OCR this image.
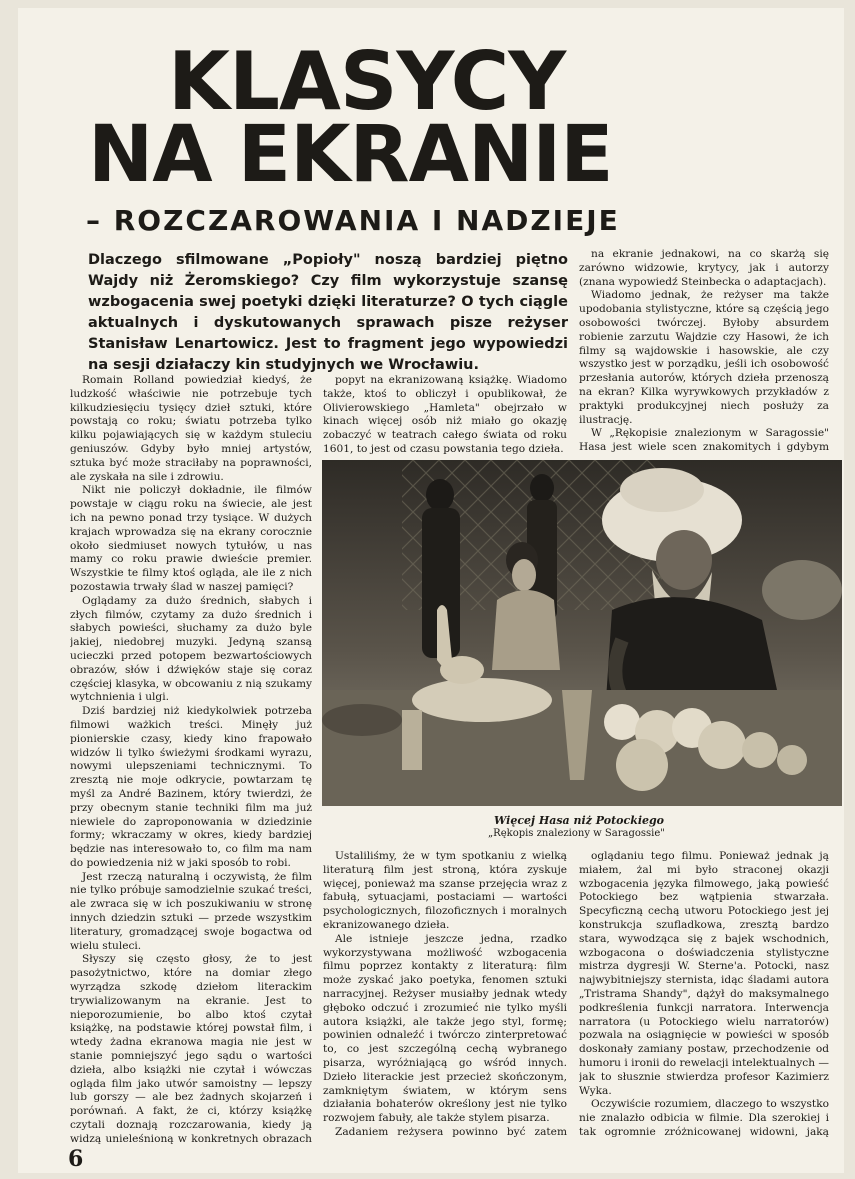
KLASYCY
NA EKRANIE
– ROZCZAROWANIA I NADZIEJE

Dlaczego sfilmowane „Popioły" noszą bardziej piętno Wajdy niż Żeromskiego? Czy film wykorzystuje szansę wzbogacenia swej poetyki dzięki literaturze? O tych ciągle aktualnych i dyskutowanych sprawach pisze reżyser Stanisław Lenartowicz. Jest to fragment jego wypowiedzi na sesji działaczy kin studyjnych we Wrocławiu.

Romain Rolland powiedział kiedyś, że ludzkość właściwie nie potrzebuje tych kilkudziesięciu tysięcy dzieł sztuki, które powstają co roku; światu potrzeba tylko kilku pojawiających się w każdym stuleciu geniuszów. Gdyby było mniej artystów, sztuka być może straciłaby na poprawności, ale zyskała na sile i zdrowiu.

Nikt nie policzył dokładnie, ile filmów powstaje w ciągu roku na świecie, ale jest ich na pewno ponad trzy tysiące. W dużych krajach wprowadza się na ekrany corocznie około siedmiuset nowych tytułów, u nas mamy co roku prawie dwieście premier. Wszystkie te filmy ktoś ogląda, ale ile z nich pozostawia trwały ślad w naszej pamięci?

Oglądamy za dużo średnich, słabych i złych filmów, czytamy za dużo średnich i słabych powieści, słuchamy za dużo byle jakiej, niedobrej muzyki. Jedyną szansą ucieczki przed potopem bezwartościowych obrazów, słów i dźwięków staje się coraz częściej klasyka, w obcowaniu z nią szukamy wytchnienia i ulgi.

Dziś bardziej niż kiedykolwiek potrzeba filmowi ważkich treści. Minęły już pionierskie czasy, kiedy kino frapowało widzów li tylko świeżymi środkami wyrazu, nowymi ulepszeniami technicznymi. To zresztą nie moje odkrycie, powtarzam tę myśl za André Bazinem, który twierdzi, że przy obecnym stanie techniki film ma już niewiele do zaproponowania w dziedzinie formy; wkraczamy w okres, kiedy bardziej będzie nas interesowało to, co film ma nam do powiedzenia niż w jaki sposób to robi.

Jest rzeczą naturalną i oczywistą, że film nie tylko próbuje samodzielnie szukać treści, ale zwraca się w ich poszukiwaniu w stronę innych dziedzin sztuki — przede wszystkim literatury, gromadzącej swoje bogactwa od wielu stuleci.

Słyszy się często głosy, że to jest pasożytnictwo, które na domiar złego wyrządza szkodę dziełom literackim trywializowanym na ekranie. Jest to nieporozumienie, bo albo ktoś czytał książkę, na podstawie której powstał film, i wtedy żadna ekranowa magia nie jest w stanie pomniejszyć jego sądu o wartości dzieła, albo książki nie czytał i wówczas ogląda film jako utwór samoistny — lepszy lub gorszy — ale bez żadnych skojarzeń i porównań. A fakt, że ci, którzy książkę czytali doznają rozczarowania, kiedy ją widzą unieleśnioną w konkretnych obrazach

popyt na ekranizowaną książkę. Wiadomo także, ktoś to obliczył i opublikował, że Olivierowskiego „Hamleta" obejrzało w kinach więcej osób niż miało go okazję zobaczyć w teatrach całego świata od roku 1601, to jest od czasu powstania tego dzieła.

na ekranie jednakowi, na co skarżą się zarówno widzowie, krytycy, jak i autorzy (znana wypowiedź Steinbecka o adaptacjach).

Wiadomo jednak, że reżyser ma także upodobania stylistyczne, które są częścią jego osobowości twórczej. Byłoby absurdem robienie zarzutu Wajdzie czy Hasowi, że ich filmy są wajdowskie i hasowskie, ale czy wszystko jest w porządku, jeśli ich osobowość przesłania autorów, których dzieła przenoszą na ekran? Kilka wyrywkowych przykładów z praktyki produkcyjnej niech posłuży za ilustrację.

W „Rękopisie znalezionym w Saragossie" Hasa jest wiele scen znakomitych i gdybym

Więcej Hasa niż Potockiego
„Rękopis znaleziony w Saragossie"

Ustaliliśmy, że w tym spotkaniu z wielką literaturą film jest stroną, która zyskuje więcej, ponieważ ma szanse przejęcia wraz z fabułą, sytuacjami, postaciami — wartości psychologicznych, filozoficznych i moralnych ekranizowanego dzieła.

Ale istnieje jeszcze jedna, rzadko wykorzystywana możliwość wzbogacenia filmu poprzez kontakty z literaturą: film może zyskać jako poetyka, fenomen sztuki narracyjnej. Reżyser musiałby jednak wtedy głęboko odczuć i zrozumieć nie tylko myśli autora książki, ale także jego styl, formę; powinien odnaleźć i twórczo zinterpretować to, co jest szczególną cechą wybranego pisarza, wyróżniającą go wśród innych. Dzieło literackie jest przecież skończonym, zamkniętym światem, w którym sens działania bohaterów określony jest nie tylko rozwojem fabuły, ale także stylem pisarza.

Zadaniem reżysera powinno być zatem

oglądaniu tego filmu. Ponieważ jednak ją miałem, żal mi było straconej okazji wzbogacenia języka filmowego, jaką powieść Potockiego bez wątpienia stwarzała. Specyficzną cechą utworu Potockiego jest jej konstrukcja szufladkowa, zresztą bardzo stara, wywodząca się z bajek wschodnich, wzbogacona o doświadczenia stylistyczne mistrza dygresji W. Sterne'a. Potocki, nasz najwybitniejszy sternista, idąc śladami autora „Tristrama Shandy", dążył do maksymalnego podkreślenia funkcji narratora. Interwencja narratora (u Potockiego wielu narratorów) pozwala na osiągnięcie w powieści w sposób doskonały zamiany postaw, przechodzenie od humoru i ironii do rewelacji intelektualnych — jak to słusznie stwierdza profesor Kazimierz Wyka.

Oczywiście rozumiem, dlaczego to wszystko nie znalazło odbicia w filmie. Dla szerokiej i tak ogromnie zróżnicowanej widowni, jaką

6
